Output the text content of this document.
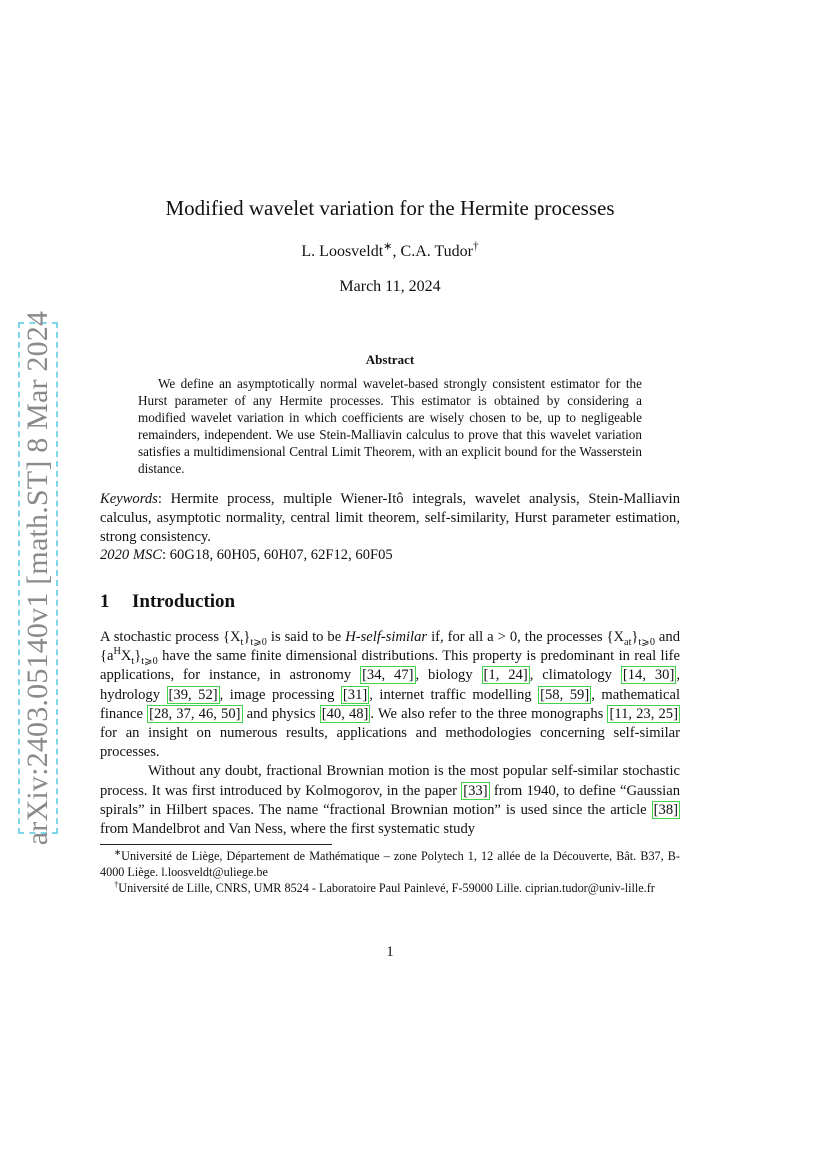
arXiv:2403.05140v1 [math.ST] 8 Mar 2024
Modified wavelet variation for the Hermite processes
L. Loosveldt∗, C.A. Tudor†
March 11, 2024
Abstract
We define an asymptotically normal wavelet-based strongly consistent estimator for the Hurst parameter of any Hermite processes. This estimator is obtained by considering a modified wavelet variation in which coefficients are wisely chosen to be, up to negligeable remainders, independent. We use Stein-Malliavin calculus to prove that this wavelet variation satisfies a multidimensional Central Limit Theorem, with an explicit bound for the Wasserstein distance.
Keywords: Hermite process, multiple Wiener-Itô integrals, wavelet analysis, Stein-Malliavin calculus, asymptotic normality, central limit theorem, self-similarity, Hurst parameter estimation, strong consistency.
2020 MSC: 60G18, 60H05, 60H07, 62F12, 60F05
1 Introduction

A stochastic process $\{X_t\}_{t⩾0}$ is said to be H-self-similar if, for all a > 0, the processes $\{X_{at}\}_{t⩾0}$ and $\{a^HX_t\}_{t⩾0}$ have the same finite dimensional distributions. This property is predominant in real life applications, for instance, in astronomy [34, 47] , biology [1, 24] , climatology [14, 30] , hydrology [39, 52] , image processing [31] , internet traffic modelling [58, 59] , mathematical finance [28, 37, 46, 50] and physics [40, 48] . We also refer to the three monographs [11, 23, 25] for an insight on numerous results, applications and methodologies concerning self-similar processes.

Without any doubt, fractional Brownian motion is the most popular self-similar stochastic process. It was first introduced by Kolmogorov, in the paper [33] from 1940, to define “Gaussian spirals” in Hilbert spaces. The name “fractional Brownian motion” is used since the article [38] from Mandelbrot and Van Ness, where the first systematic study

∗Université de Liège, Département de Mathématique – zone Polytech 1, 12 allée de la Découverte, Bât. B37, B-4000 Liège. l.loosveldt@uliege.be

†Université de Lille, CNRS, UMR 8524 - Laboratoire Paul Painlevé, F-59000 Lille. ciprian.tudor@univ-lille.fr

1
